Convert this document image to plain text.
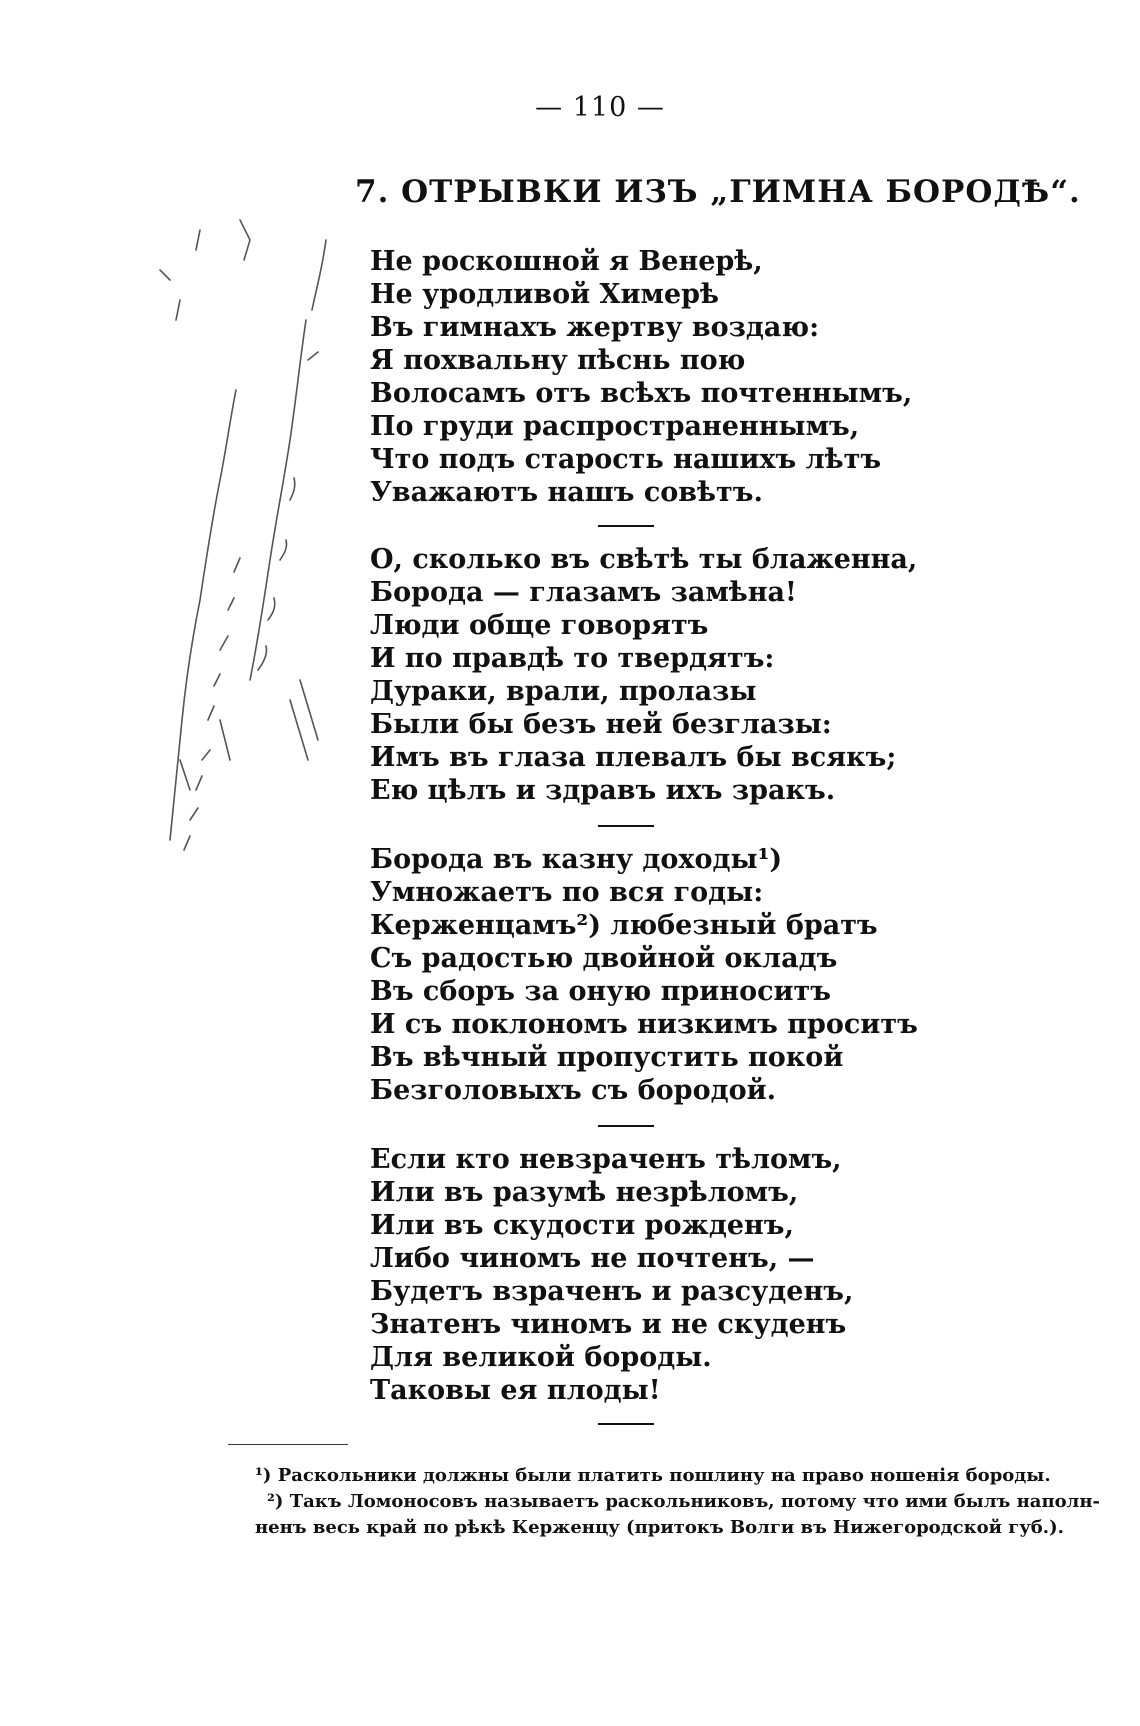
— 110 —
7. ОТРЫВКИ ИЗЪ „ГИМНА БОРОДѢ“.
Не роскошной я Венерѣ,
Не уродливой Химерѣ
Въ гимнахъ жертву воздаю:
Я похвальну пѣснь пою
Волосамъ отъ всѣхъ почтеннымъ,
По груди распространеннымъ,
Что подъ старость нашихъ лѣтъ
Уважаютъ нашъ совѣтъ.
О, сколько въ свѣтѣ ты блаженна,
Борода — глазамъ замѣна!
Люди обще говорятъ
И по правдѣ то твердятъ:
Дураки, врали, пролазы
Были бы безъ ней безглазы:
Имъ въ глаза плевалъ бы всякъ;
Ею цѣлъ и здравъ ихъ зракъ.
Борода въ казну доходы¹)
Умножаетъ по вся годы:
Керженцамъ²) любезный братъ
Съ радостью двойной окладъ
Въ сборъ за оную приноситъ
И съ поклономъ низкимъ проситъ
Въ вѣчный пропустить покой
Безголовыхъ съ бородой.
Если кто невзраченъ тѣломъ,
Или въ разумѣ незрѣломъ,
Или въ скудости рожденъ,
Либо чиномъ не почтенъ, —
Будетъ взраченъ и разсуденъ,
Знатенъ чиномъ и не скуденъ
Для великой бороды.
Таковы ея плоды!

¹) Раскольники должны были платить пошлину на право ношенія бороды.

²) Такъ Ломоносовъ называетъ раскольниковъ, потому что ими былъ наполн-

ненъ весь край по рѣкѣ Керженцу (притокъ Волги въ Нижегородской губ.).
